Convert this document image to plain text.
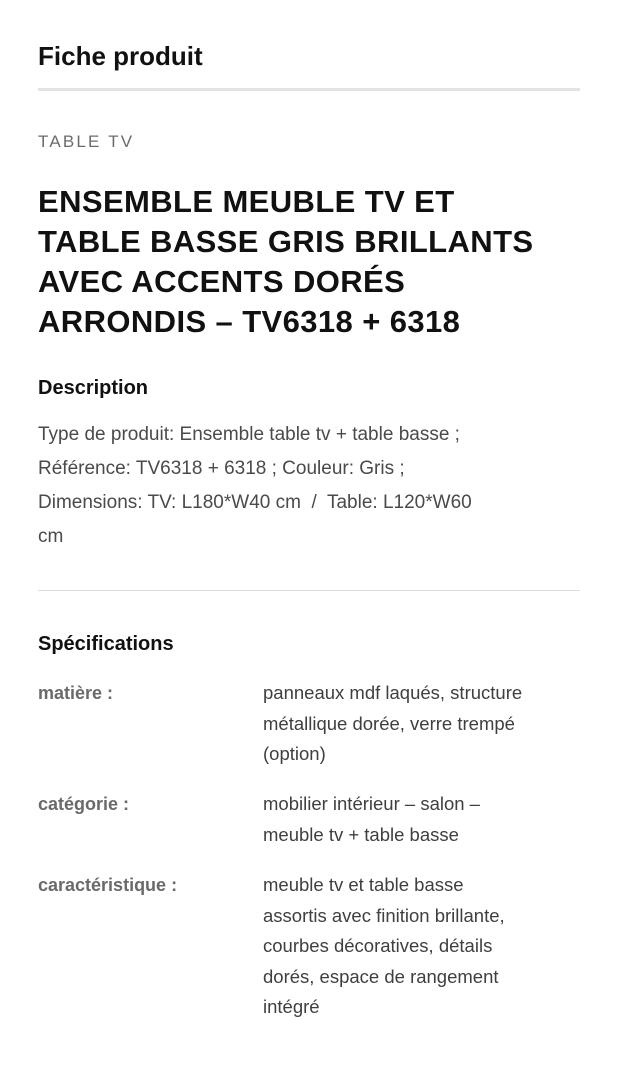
Fiche produit
TABLE TV
ENSEMBLE MEUBLE TV ET
TABLE BASSE GRIS BRILLANTS
AVEC ACCENTS DORÉS
ARRONDIS – TV6318 + 6318
Description

Type de produit: Ensemble table tv + table basse ;
Référence: TV6318 + 6318 ; Couleur: Gris ;
Dimensions: TV: L180*W40 cm  /  Table: L120*W60
cm

Spécifications
matière :	panneaux mdf laqués, structure
métallique dorée, verre trempé
(option)
catégorie :	mobilier intérieur – salon –
meuble tv + table basse
caractéristique :	meuble tv et table basse
assortis avec finition brillante,
courbes décoratives, détails
dorés, espace de rangement
intégré
